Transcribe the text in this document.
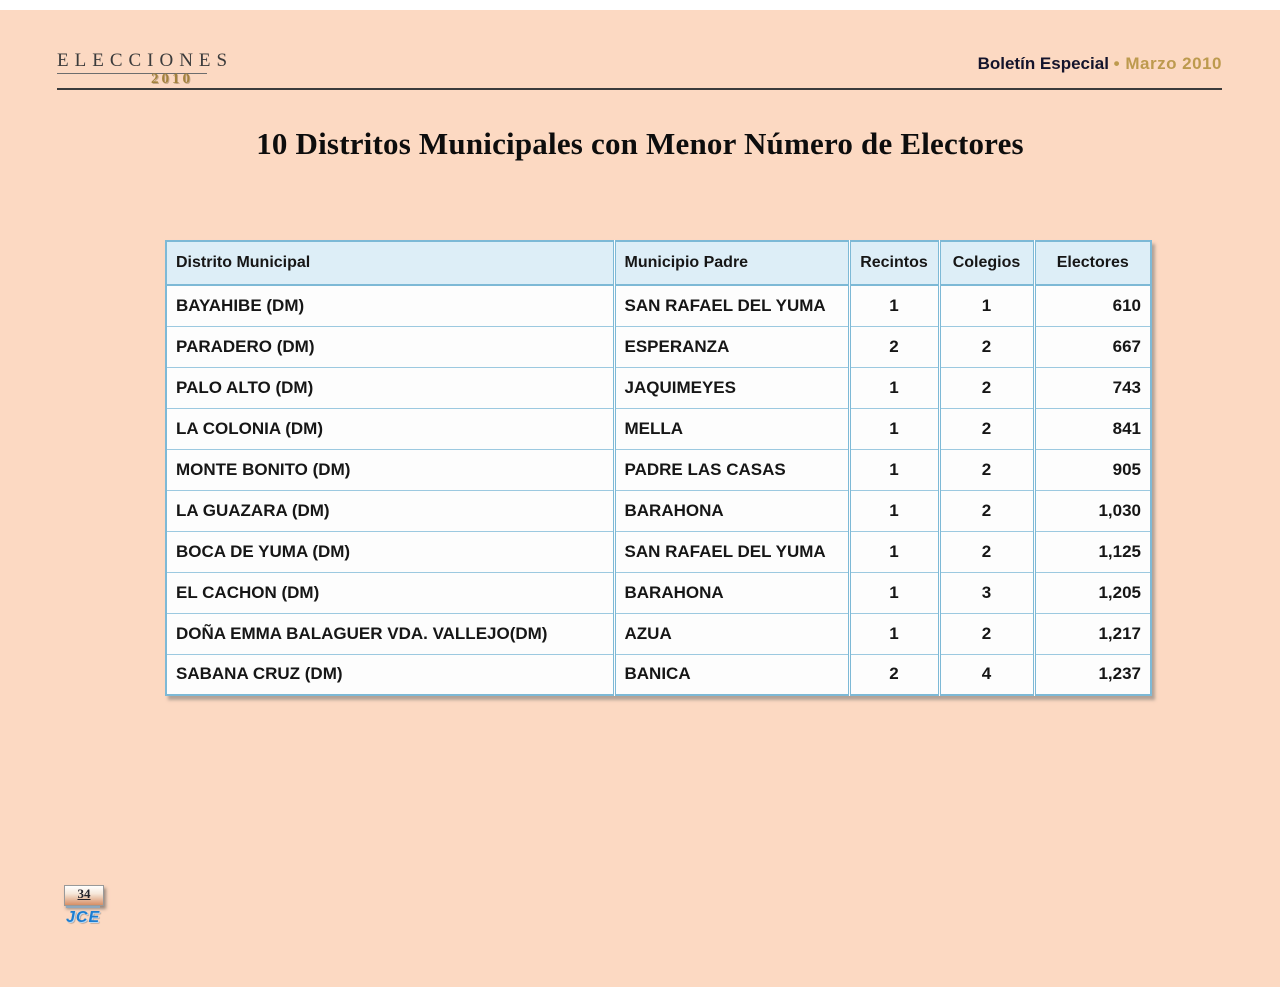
ELECCIONES
2010
Boletín Especial • Marzo 2010
10 Distritos Municipales con Menor Número de Electores
Distrito Municipal	Municipio Padre	Recintos	Colegios	Electores
BAYAHIBE (DM)	SAN RAFAEL DEL YUMA	1	1	610
PARADERO (DM)	ESPERANZA	2	2	667
PALO ALTO (DM)	JAQUIMEYES	1	2	743
LA COLONIA (DM)	MELLA	1	2	841
MONTE BONITO (DM)	PADRE LAS CASAS	1	2	905
LA GUAZARA (DM)	BARAHONA	1	2	1,030
BOCA DE YUMA (DM)	SAN RAFAEL DEL YUMA	1	2	1,125
EL CACHON (DM)	BARAHONA	1	3	1,205
DOÑA EMMA BALAGUER VDA. VALLEJO(DM)	AZUA	1	2	1,217
SABANA CRUZ (DM)	BANICA	2	4	1,237
34
JCE
